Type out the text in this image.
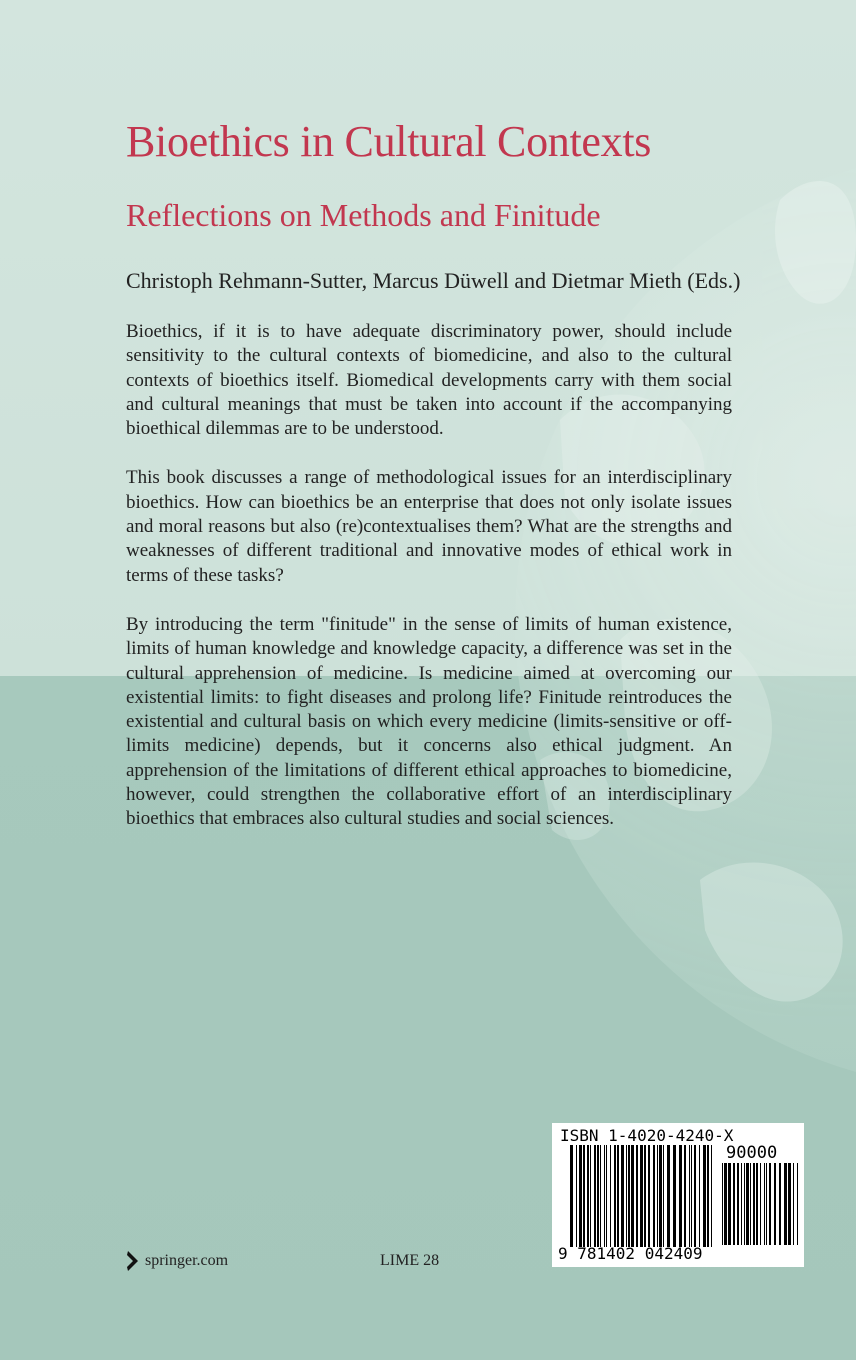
Bioethics in Cultural Contexts
Reflections on Methods and Finitude
Christoph Rehmann-Sutter, Marcus Düwell and Dietmar Mieth (Eds.)

Bioethics, if it is to have adequate discriminatory power, should include sensitivity to the cultural contexts of biomedicine, and also to the cultural contexts of bioethics itself. Biomedical developments carry with them social and cultural meanings that must be taken into account if the accompanying bioethical dilemmas are to be understood.

This book discusses a range of methodological issues for an interdisciplinary bioethics. How can bioethics be an enterprise that does not only isolate issues and moral reasons but also (re)contextualises them? What are the strengths and weaknesses of different traditional and innovative modes of ethical work in terms of these tasks?

By introducing the term "finitude" in the sense of limits of human existence, limits of human knowledge and knowledge capacity, a difference was set in the cultural apprehension of medicine. Is medicine aimed at overcoming our existential limits: to fight diseases and prolong life? Finitude reintroduces the existential and cultural basis on which every medicine (limits-sensitive or off-limits medicine) depends, but it concerns also ethical judgment. An apprehension of the limitations of different ethical approaches to biomedicine, however, could strengthen the collaborative effort of an interdisciplinary bioethics that embraces also cultural studies and social sciences.

springer.com	LIME 28
ISBN 1-4020-4240-X
90000
9 781402 042409
